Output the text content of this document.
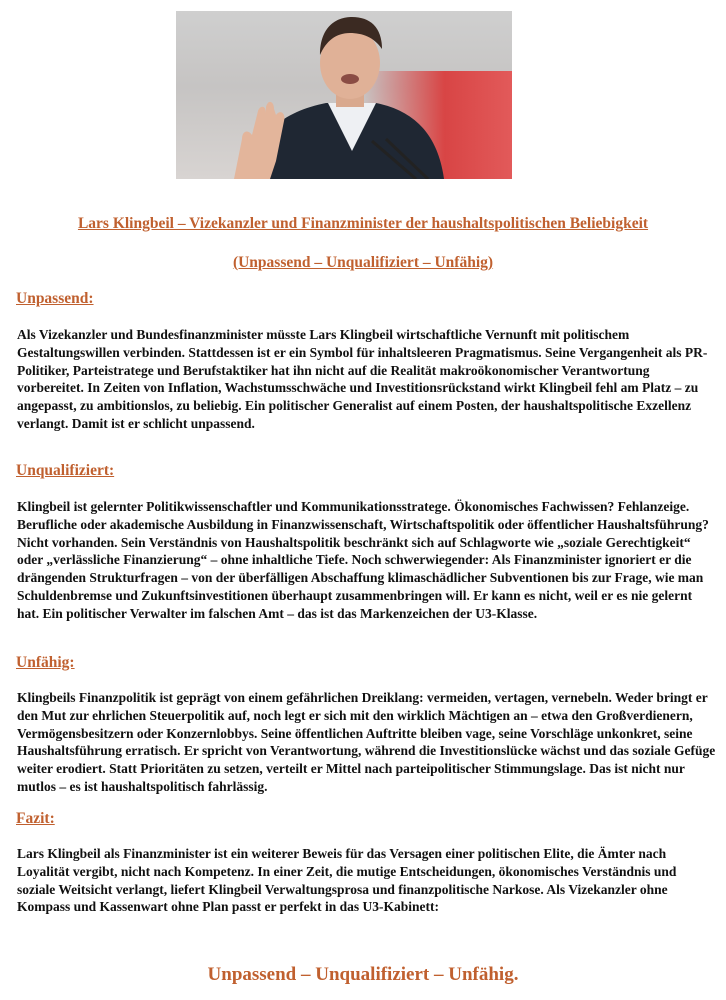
Lars Klingbeil – Vizekanzler und Finanzminister der haushaltspolitischen Beliebigkeit
(Unpassend – Unqualifiziert – Unfähig)
Unpassend:

Als Vizekanzler und Bundesfinanzminister müsste Lars Klingbeil wirtschaftliche Vernunft mit politischem Gestaltungswillen verbinden. Stattdessen ist er ein Symbol für inhaltsleeren Pragmatismus. Seine Vergangenheit als PR-Politiker, Parteistratege und Berufstaktiker hat ihn nicht auf die Realität makroökonomischer Verantwortung vorbereitet. In Zeiten von Inflation, Wachstumsschwäche und Investitionsrückstand wirkt Klingbeil fehl am Platz – zu angepasst, zu ambitionslos, zu beliebig. Ein politischer Generalist auf einem Posten, der haushaltspolitische Exzellenz verlangt. Damit ist er schlicht unpassend.

Unqualifiziert:

Klingbeil ist gelernter Politikwissenschaftler und Kommunikationsstratege. Ökonomisches Fachwissen? Fehlanzeige. Berufliche oder akademische Ausbildung in Finanzwissenschaft, Wirtschaftspolitik oder öffentlicher Haushaltsführung? Nicht vorhanden. Sein Verständnis von Haushaltspolitik beschränkt sich auf Schlagworte wie „soziale Gerechtigkeit“ oder „verlässliche Finanzierung“ – ohne inhaltliche Tiefe. Noch schwerwiegender: Als Finanzminister ignoriert er die drängenden Strukturfragen – von der überfälligen Abschaffung klimaschädlicher Subventionen bis zur Frage, wie man Schuldenbremse und Zukunftsinvestitionen überhaupt zusammenbringen will. Er kann es nicht, weil er es nie gelernt hat. Ein politischer Verwalter im falschen Amt – das ist das Markenzeichen der U3-Klasse.

Unfähig:

Klingbeils Finanzpolitik ist geprägt von einem gefährlichen Dreiklang: vermeiden, vertagen, vernebeln. Weder bringt er den Mut zur ehrlichen Steuerpolitik auf, noch legt er sich mit den wirklich Mächtigen an – etwa den Großverdienern, Vermögensbesitzern oder Konzernlobbys. Seine öffentlichen Auftritte bleiben vage, seine Vorschläge unkonkret, seine Haushaltsführung erratisch. Er spricht von Verantwortung, während die Investitionslücke wächst und das soziale Gefüge weiter erodiert. Statt Prioritäten zu setzen, verteilt er Mittel nach parteipolitischer Stimmungslage. Das ist nicht nur mutlos – es ist haushaltspolitisch fahrlässig.

Fazit:

Lars Klingbeil als Finanzminister ist ein weiterer Beweis für das Versagen einer politischen Elite, die Ämter nach Loyalität vergibt, nicht nach Kompetenz. In einer Zeit, die mutige Entscheidungen, ökonomisches Verständnis und soziale Weitsicht verlangt, liefert Klingbeil Verwaltungsprosa und finanzpolitische Narkose. Als Vizekanzler ohne Kompass und Kassenwart ohne Plan passt er perfekt in das U3-Kabinett:

Unpassend – Unqualifiziert – Unfähig.
